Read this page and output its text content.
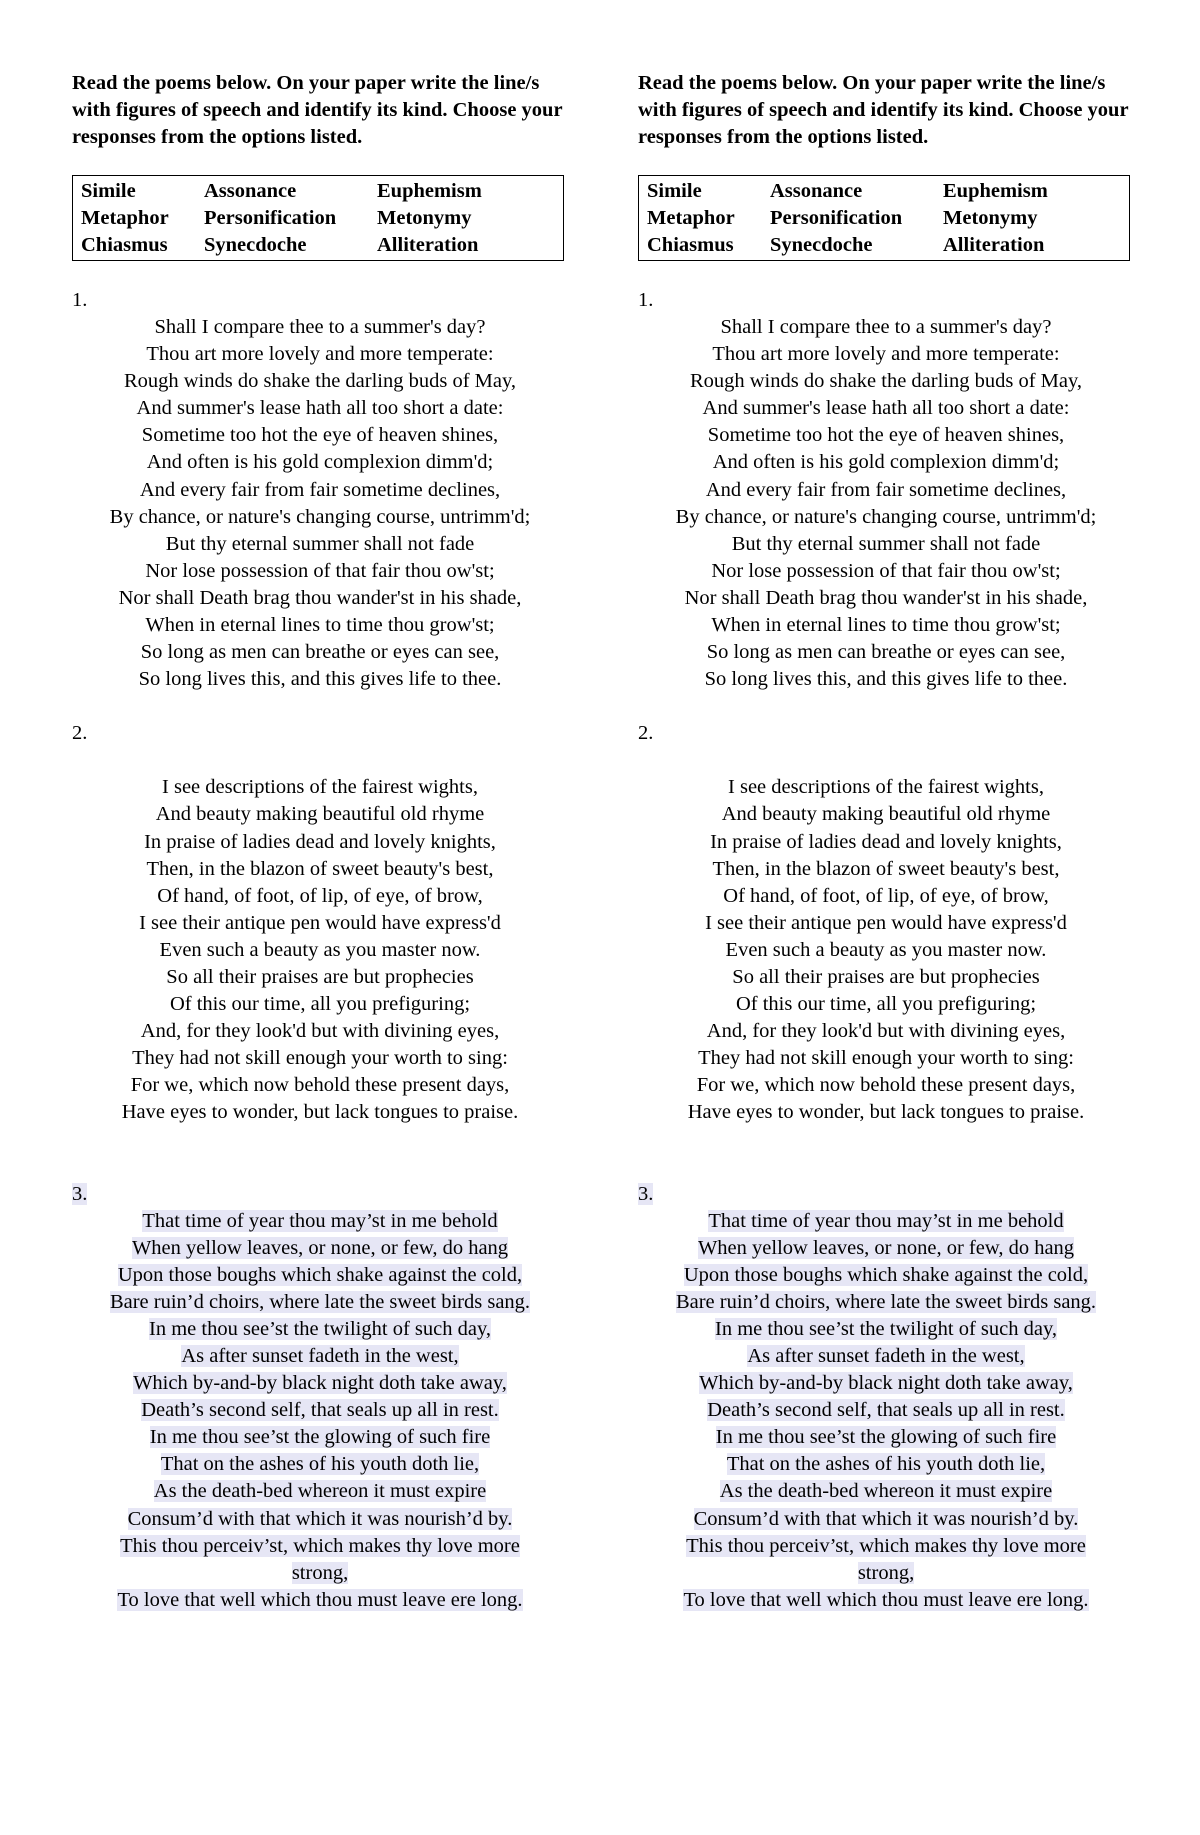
Read the poems below. On your paper write the line/s with figures of speech and identify its kind. Choose your responses from the options listed.

Simile	Assonance	Euphemism
Metaphor	Personification	Metonymy
Chiasmus	Synecdoche	Alliteration
1.
Shall I compare thee to a summer's day?
Thou art more lovely and more temperate:
Rough winds do shake the darling buds of May,
And summer's lease hath all too short a date:
Sometime too hot the eye of heaven shines,
And often is his gold complexion dimm'd;
And every fair from fair sometime declines,
By chance, or nature's changing course, untrimm'd;
But thy eternal summer shall not fade
Nor lose possession of that fair thou ow'st;
Nor shall Death brag thou wander'st in his shade,
When in eternal lines to time thou grow'st;
So long as men can breathe or eyes can see,
So long lives this, and this gives life to thee.
2.
I see descriptions of the fairest wights,
And beauty making beautiful old rhyme
In praise of ladies dead and lovely knights,
Then, in the blazon of sweet beauty's best,
Of hand, of foot, of lip, of eye, of brow,
I see their antique pen would have express'd
Even such a beauty as you master now.
So all their praises are but prophecies
Of this our time, all you prefiguring;
And, for they look'd but with divining eyes,
They had not skill enough your worth to sing:
For we, which now behold these present days,
Have eyes to wonder, but lack tongues to praise.
3.
That time of year thou may’st in me behold
When yellow leaves, or none, or few, do hang
Upon those boughs which shake against the cold,
Bare ruin’d choirs, where late the sweet birds sang.
In me thou see’st the twilight of such day,
As after sunset fadeth in the west,
Which by-and-by black night doth take away,
Death’s second self, that seals up all in rest.
In me thou see’st the glowing of such fire
That on the ashes of his youth doth lie,
As the death-bed whereon it must expire
Consum’d with that which it was nourish’d by.
This thou perceiv’st, which makes thy love more
strong,
To love that well which thou must leave ere long.

Read the poems below. On your paper write the line/s with figures of speech and identify its kind. Choose your responses from the options listed.

Simile	Assonance	Euphemism
Metaphor	Personification	Metonymy
Chiasmus	Synecdoche	Alliteration
1.
Shall I compare thee to a summer's day?
Thou art more lovely and more temperate:
Rough winds do shake the darling buds of May,
And summer's lease hath all too short a date:
Sometime too hot the eye of heaven shines,
And often is his gold complexion dimm'd;
And every fair from fair sometime declines,
By chance, or nature's changing course, untrimm'd;
But thy eternal summer shall not fade
Nor lose possession of that fair thou ow'st;
Nor shall Death brag thou wander'st in his shade,
When in eternal lines to time thou grow'st;
So long as men can breathe or eyes can see,
So long lives this, and this gives life to thee.
2.
I see descriptions of the fairest wights,
And beauty making beautiful old rhyme
In praise of ladies dead and lovely knights,
Then, in the blazon of sweet beauty's best,
Of hand, of foot, of lip, of eye, of brow,
I see their antique pen would have express'd
Even such a beauty as you master now.
So all their praises are but prophecies
Of this our time, all you prefiguring;
And, for they look'd but with divining eyes,
They had not skill enough your worth to sing:
For we, which now behold these present days,
Have eyes to wonder, but lack tongues to praise.
3.
That time of year thou may’st in me behold
When yellow leaves, or none, or few, do hang
Upon those boughs which shake against the cold,
Bare ruin’d choirs, where late the sweet birds sang.
In me thou see’st the twilight of such day,
As after sunset fadeth in the west,
Which by-and-by black night doth take away,
Death’s second self, that seals up all in rest.
In me thou see’st the glowing of such fire
That on the ashes of his youth doth lie,
As the death-bed whereon it must expire
Consum’d with that which it was nourish’d by.
This thou perceiv’st, which makes thy love more
strong,
To love that well which thou must leave ere long.
